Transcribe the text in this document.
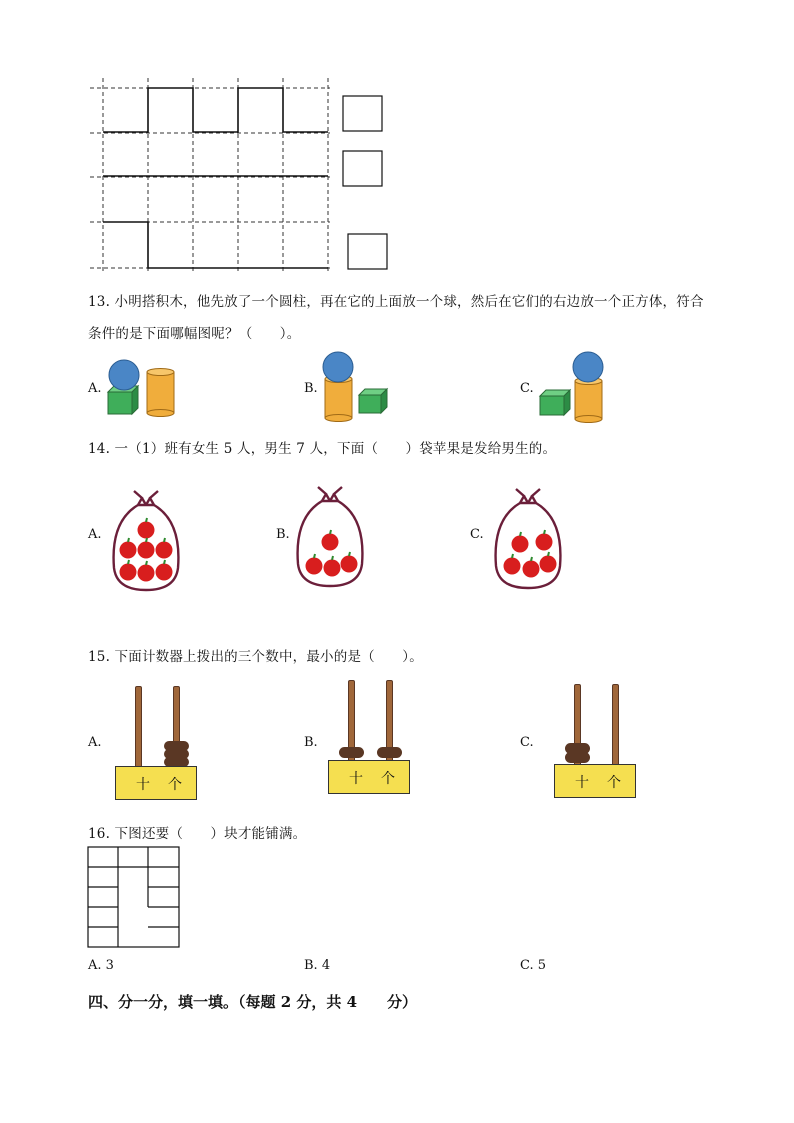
13. 小明搭积木，他先放了一个圆柱，再在它的上面放一个球，然后在它们的右边放一个正方体，符合
条件的是下面哪幅图呢？（　　）。
A.	B.	C.
14. 一（1）班有女生 5 人，男生 7 人，下面（　　）袋苹果是发给男生的。
A.	B.	C.
15. 下面计数器上拨出的三个数中，最小的是（　　）。
A.
十 个
B.
十 个
C.
十 个
16. 下图还要（　　）块才能铺满。
A. 3	B. 4	C. 5
四、分一分，填一填。（每题 2 分，共 4　　分）
